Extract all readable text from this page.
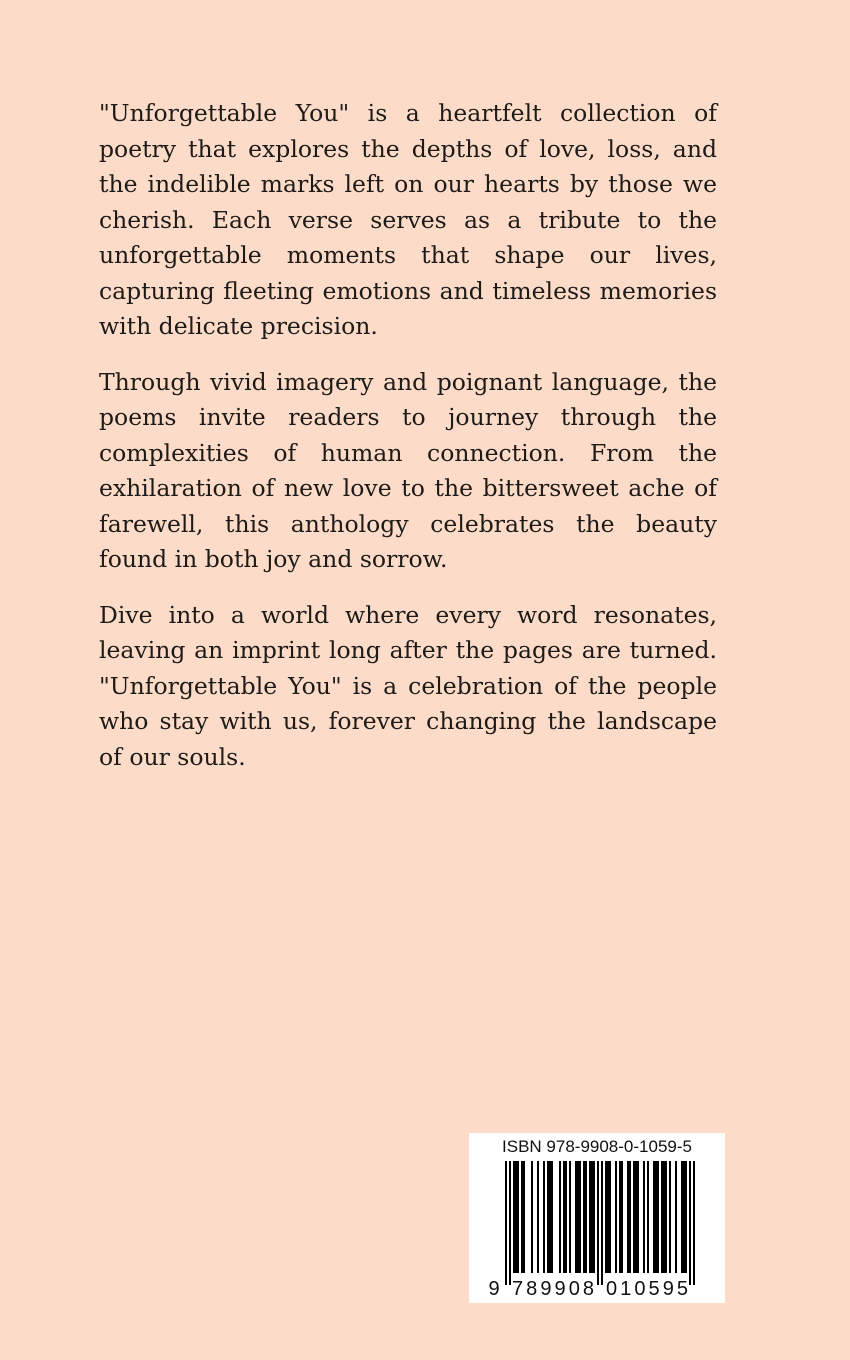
"Unforgettable You" is a heartfelt collection of poetry that explores the depths of love, loss, and the indelible marks left on our hearts by those we cherish. Each verse serves as a tribute to the unforgettable moments that shape our lives, capturing fleeting emotions and timeless memories with delicate precision.

Through vivid imagery and poignant language, the poems invite readers to journey through the complexities of human connection. From the exhilaration of new love to the bittersweet ache of farewell, this anthology celebrates the beauty found in both joy and sorrow.

Dive into a world where every word resonates, leaving an imprint long after the pages are turned. "Unforgettable You" is a celebration of the people who stay with us, forever changing the landscape of our souls.

ISBN 978-9908-0-1059-5
9 789908 010595
